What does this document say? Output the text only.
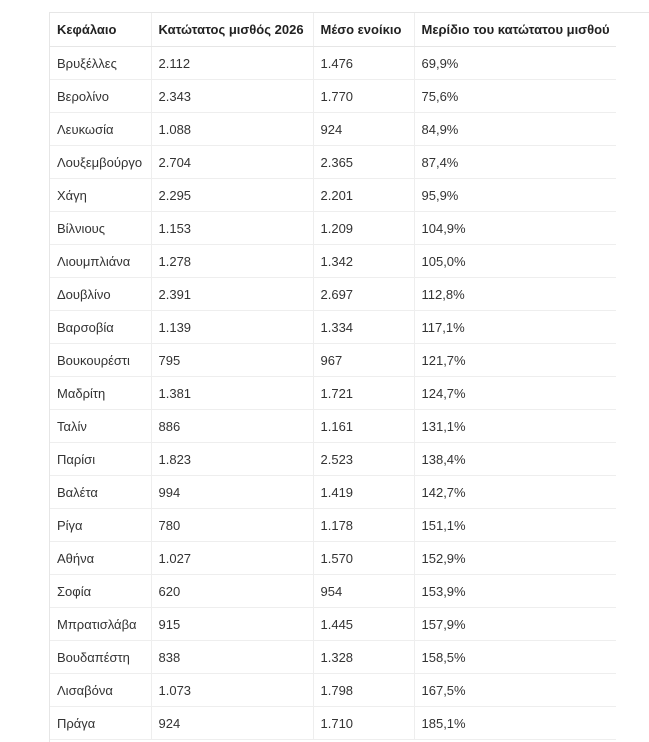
Κεφάλαιο	Κατώτατος μισθός 2026	Μέσο ενοίκιο	Μερίδιο του κατώτατου μισθού
Βρυξέλλες	2.112	1.476	69,9%
Βερολίνο	2.343	1.770	75,6%
Λευκωσία	1.088	924	84,9%
Λουξεμβούργο	2.704	2.365	87,4%
Χάγη	2.295	2.201	95,9%
Βίλνιους	1.153	1.209	104,9%
Λιουμπλιάνα	1.278	1.342	105,0%
Δουβλίνο	2.391	2.697	112,8%
Βαρσοβία	1.139	1.334	117,1%
Βουκουρέστι	795	967	121,7%
Μαδρίτη	1.381	1.721	124,7%
Ταλίν	886	1.161	131,1%
Παρίσι	1.823	2.523	138,4%
Βαλέτα	994	1.419	142,7%
Ρίγα	780	1.178	151,1%
Αθήνα	1.027	1.570	152,9%
Σοφία	620	954	153,9%
Μπρατισλάβα	915	1.445	157,9%
Βουδαπέστη	838	1.328	158,5%
Λισαβόνα	1.073	1.798	167,5%
Πράγα	924	1.710	185,1%
